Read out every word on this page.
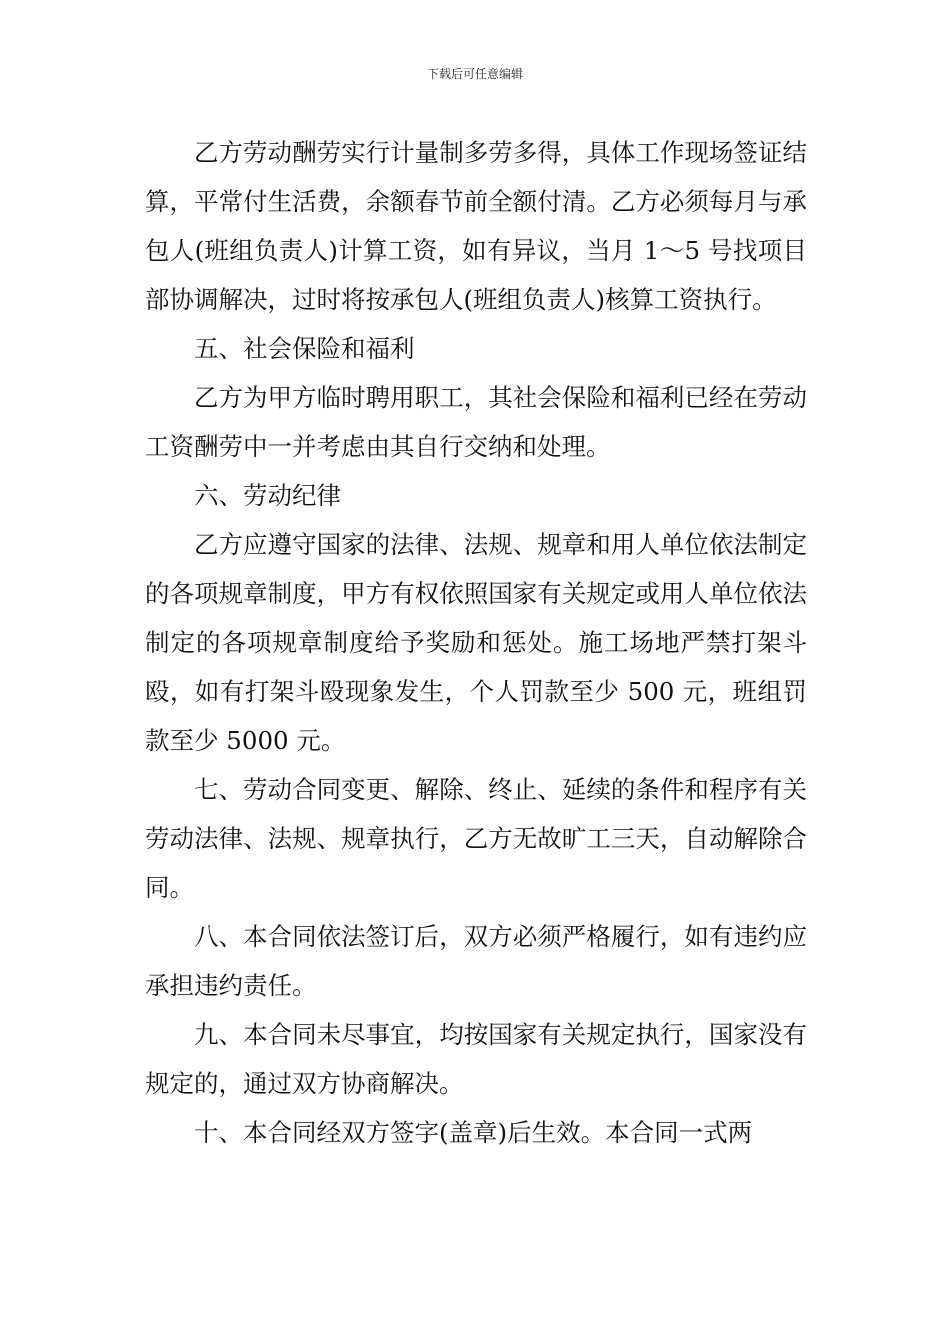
下载后可任意编辑

乙方劳动酬劳实行计量制多劳多得，具体工作现场签证结算，平常付生活费，余额春节前全额付清。乙方必须每月与承包人(班组负责人)计算工资，如有异议，当月 1～5 号找项目部协调解决，过时将按承包人(班组负责人)核算工资执行。

五、社会保险和福利

乙方为甲方临时聘用职工，其社会保险和福利已经在劳动工资酬劳中一并考虑由其自行交纳和处理。

六、劳动纪律

乙方应遵守国家的法律、法规、规章和用人单位依法制定的各项规章制度，甲方有权依照国家有关规定或用人单位依法制定的各项规章制度给予奖励和惩处。施工场地严禁打架斗殴，如有打架斗殴现象发生，个人罚款至少 500 元，班组罚款至少 5000 元。

七、劳动合同变更、解除、终止、延续的条件和程序有关劳动法律、法规、规章执行，乙方无故旷工三天，自动解除合同。

八、本合同依法签订后，双方必须严格履行，如有违约应承担违约责任。

九、本合同未尽事宜，均按国家有关规定执行，国家没有规定的，通过双方协商解决。

十、本合同经双方签字(盖章)后生效。本合同一式两
